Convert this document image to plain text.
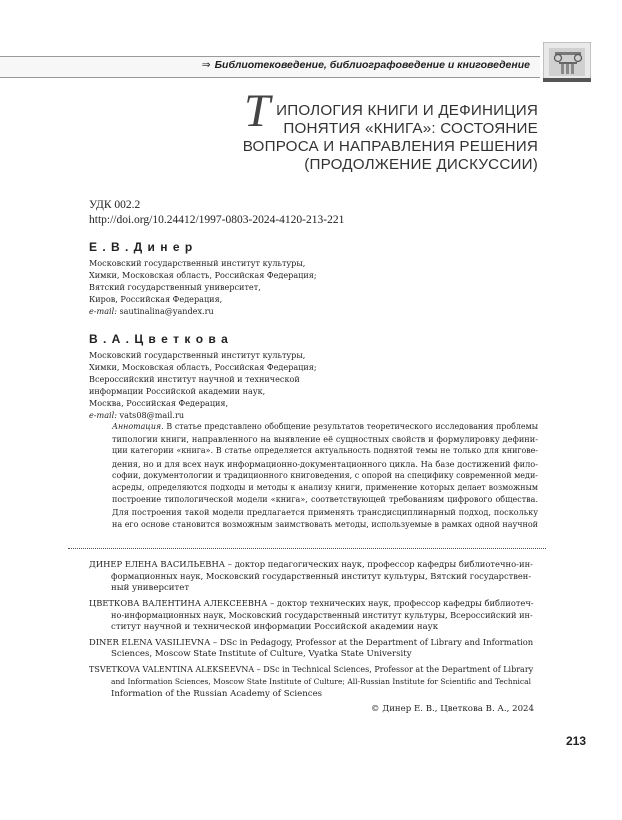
⇒ Библиотековедение, библиографоведение и книговедение
Т ИПОЛОГИЯ КНИГИ И ДЕФИНИЦИЯ
ПОНЯТИЯ «КНИГА»: СОСТОЯНИЕ
ВОПРОСА И НАПРАВЛЕНИЯ РЕШЕНИЯ
(ПРОДОЛЖЕНИЕ ДИСКУССИИ)
УДК 002.2
http://doi.org/10.24412/1997-0803-2024-4120-213-221
Е . В . Д и н е р
Московский государственный институт культуры,
Химки, Московская область, Российская Федерация;
Вятский государственный университет,
Киров, Российская Федерация,
e-mail: sautinalina@yandex.ru
В . А . Ц в е т к о в а
Московский государственный институт культуры,
Химки, Московская область, Российская Федерация;
Всероссийский институт научной и технической
информации Российской академии наук,
Москва, Российская Федерация,
e-mail: vats08@mail.ru
Аннотация. В статье представлено обобщение результатов теоретического исследования проблемы
типологии книги, направленного на выявление её сущностных свойств и формулировку дефини-
ции категории «книга». В статье определяется актуальность поднятой темы не только для книгове-
дения, но и для всех наук информационно-документационного цикла. На базе достижений фило-
софии, документологии и традиционного книговедения, с опорой на специфику современной меди-
асреды, определяются подходы и методы к анализу книги, применение которых делает возможным
построение типологической модели «книга», соответствующей требованиям цифрового общества.
Для построения такой модели предлагается применять трансдисциплинарный подход, поскольку
на его основе становится возможным заимствовать методы, используемые в рамках одной научной
ДИНЕР ЕЛЕНА ВАСИЛЬЕВНА – доктор педагогических наук, профессор кафедры библиотечно-ин-
формационных наук, Московский государственный институт культуры, Вятский государствен-
ный университет
ЦВЕТКОВА ВАЛЕНТИНА АЛЕКСЕЕВНА – доктор технических наук, профессор кафедры библиотеч-
но-информационных наук, Московский государственный институт культуры, Всероссийский ин-
ститут научной и технической информации Российской академии наук
DINER ELENA VASILIEVNA – DSc in Pedagogy, Professor at the Department of Library and Information
Sciences, Moscow State Institute of Culture, Vyatka State University
TSVETKOVA VALENTINA ALEKSEEVNA – DSc in Technical Sciences, Professor at the Department of Library
and Information Sciences, Moscow State Institute of Culture; All-Russian Institute for Scientific and Technical
Information of the Russian Academy of Sciences
© Динер Е. В., Цветкова В. А., 2024
213
